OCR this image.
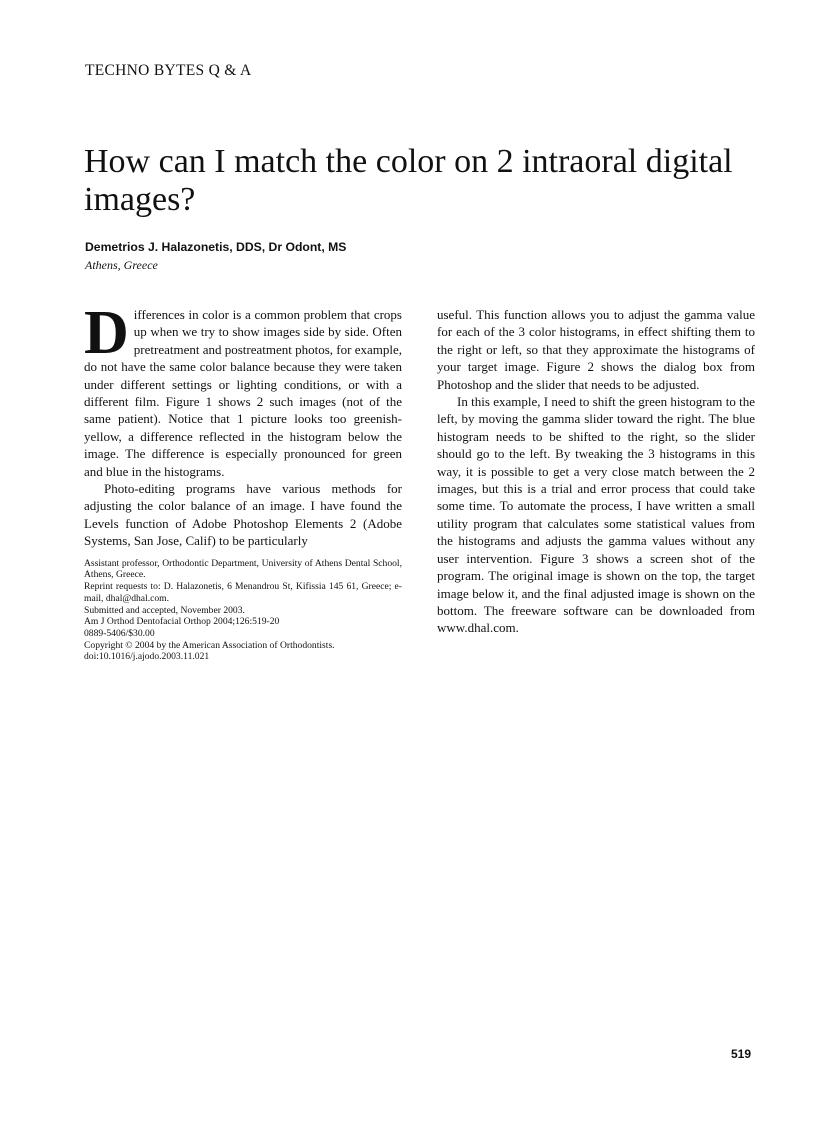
TECHNO BYTES Q & A
How can I match the color on 2 intraoral digital images?
Demetrios J. Halazonetis, DDS, Dr Odont, MS
Athens, Greece

Differences in color is a common problem that crops up when we try to show images side by side. Often pretreatment and postreatment photos, for example, do not have the same color balance because they were taken under different settings or lighting conditions, or with a different film. Figure 1 shows 2 such images (not of the same patient). Notice that 1 picture looks too greenish-yellow, a difference reflected in the histogram below the image. The difference is especially pronounced for green and blue in the histograms.

Photo-editing programs have various methods for adjusting the color balance of an image. I have found the Levels function of Adobe Photoshop Elements 2 (Adobe Systems, San Jose, Calif) to be particularly

Assistant professor, Orthodontic Department, University of Athens Dental School, Athens, Greece.
Reprint requests to: D. Halazonetis, 6 Menandrou St, Kifissia 145 61, Greece; e-mail, dhal@dhal.com.
Submitted and accepted, November 2003.
Am J Orthod Dentofacial Orthop 2004;126:519-20
0889-5406/$30.00
Copyright © 2004 by the American Association of Orthodontists.
doi:10.1016/j.ajodo.2003.11.021

useful. This function allows you to adjust the gamma value for each of the 3 color histograms, in effect shifting them to the right or left, so that they approximate the histograms of your target image. Figure 2 shows the dialog box from Photoshop and the slider that needs to be adjusted.

In this example, I need to shift the green histogram to the left, by moving the gamma slider toward the right. The blue histogram needs to be shifted to the right, so the slider should go to the left. By tweaking the 3 histograms in this way, it is possible to get a very close match between the 2 images, but this is a trial and error process that could take some time. To automate the process, I have written a small utility program that calculates some statistical values from the histograms and adjusts the gamma values without any user intervention. Figure 3 shows a screen shot of the program. The original image is shown on the top, the target image below it, and the final adjusted image is shown on the bottom. The freeware software can be downloaded from www.dhal.com.

519
